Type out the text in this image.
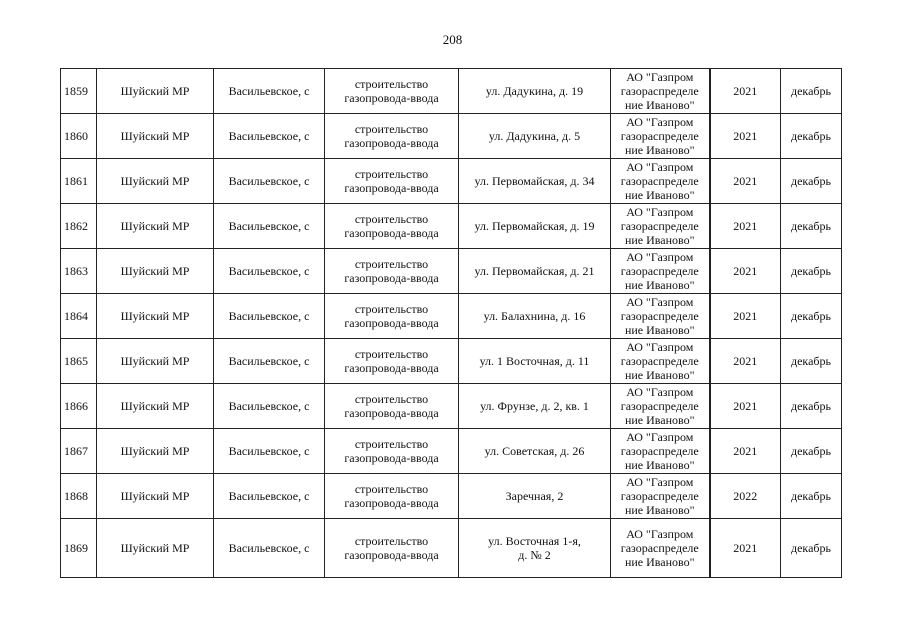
208
1859	Шуйский МР	Васильевское, с	строительство
газопровода-ввода	ул. Дадукина, д. 19	АО "Газпром
газораспределе
ние Иваново"	2021	декабрь
1860	Шуйский МР	Васильевское, с	строительство
газопровода-ввода	ул. Дадукина, д. 5	АО "Газпром
газораспределе
ние Иваново"	2021	декабрь
1861	Шуйский МР	Васильевское, с	строительство
газопровода-ввода	ул. Первомайская, д. 34	АО "Газпром
газораспределе
ние Иваново"	2021	декабрь
1862	Шуйский МР	Васильевское, с	строительство
газопровода-ввода	ул. Первомайская, д. 19	АО "Газпром
газораспределе
ние Иваново"	2021	декабрь
1863	Шуйский МР	Васильевское, с	строительство
газопровода-ввода	ул. Первомайская, д. 21	АО "Газпром
газораспределе
ние Иваново"	2021	декабрь
1864	Шуйский МР	Васильевское, с	строительство
газопровода-ввода	ул. Балахнина, д. 16	АО "Газпром
газораспределе
ние Иваново"	2021	декабрь
1865	Шуйский МР	Васильевское, с	строительство
газопровода-ввода	ул. 1 Восточная, д. 11	АО "Газпром
газораспределе
ние Иваново"	2021	декабрь
1866	Шуйский МР	Васильевское, с	строительство
газопровода-ввода	ул. Фрунзе, д. 2, кв. 1	АО "Газпром
газораспределе
ние Иваново"	2021	декабрь
1867	Шуйский МР	Васильевское, с	строительство
газопровода-ввода	ул. Советская, д. 26	АО "Газпром
газораспределе
ние Иваново"	2021	декабрь
1868	Шуйский МР	Васильевское, с	строительство
газопровода-ввода	Заречная, 2	АО "Газпром
газораспределе
ние Иваново"	2022	декабрь
1869	Шуйский МР	Васильевское, с	строительство
газопровода-ввода	ул. Восточная 1-я,
д. № 2	АО "Газпром
газораспределе
ние Иваново"	2021	декабрь
